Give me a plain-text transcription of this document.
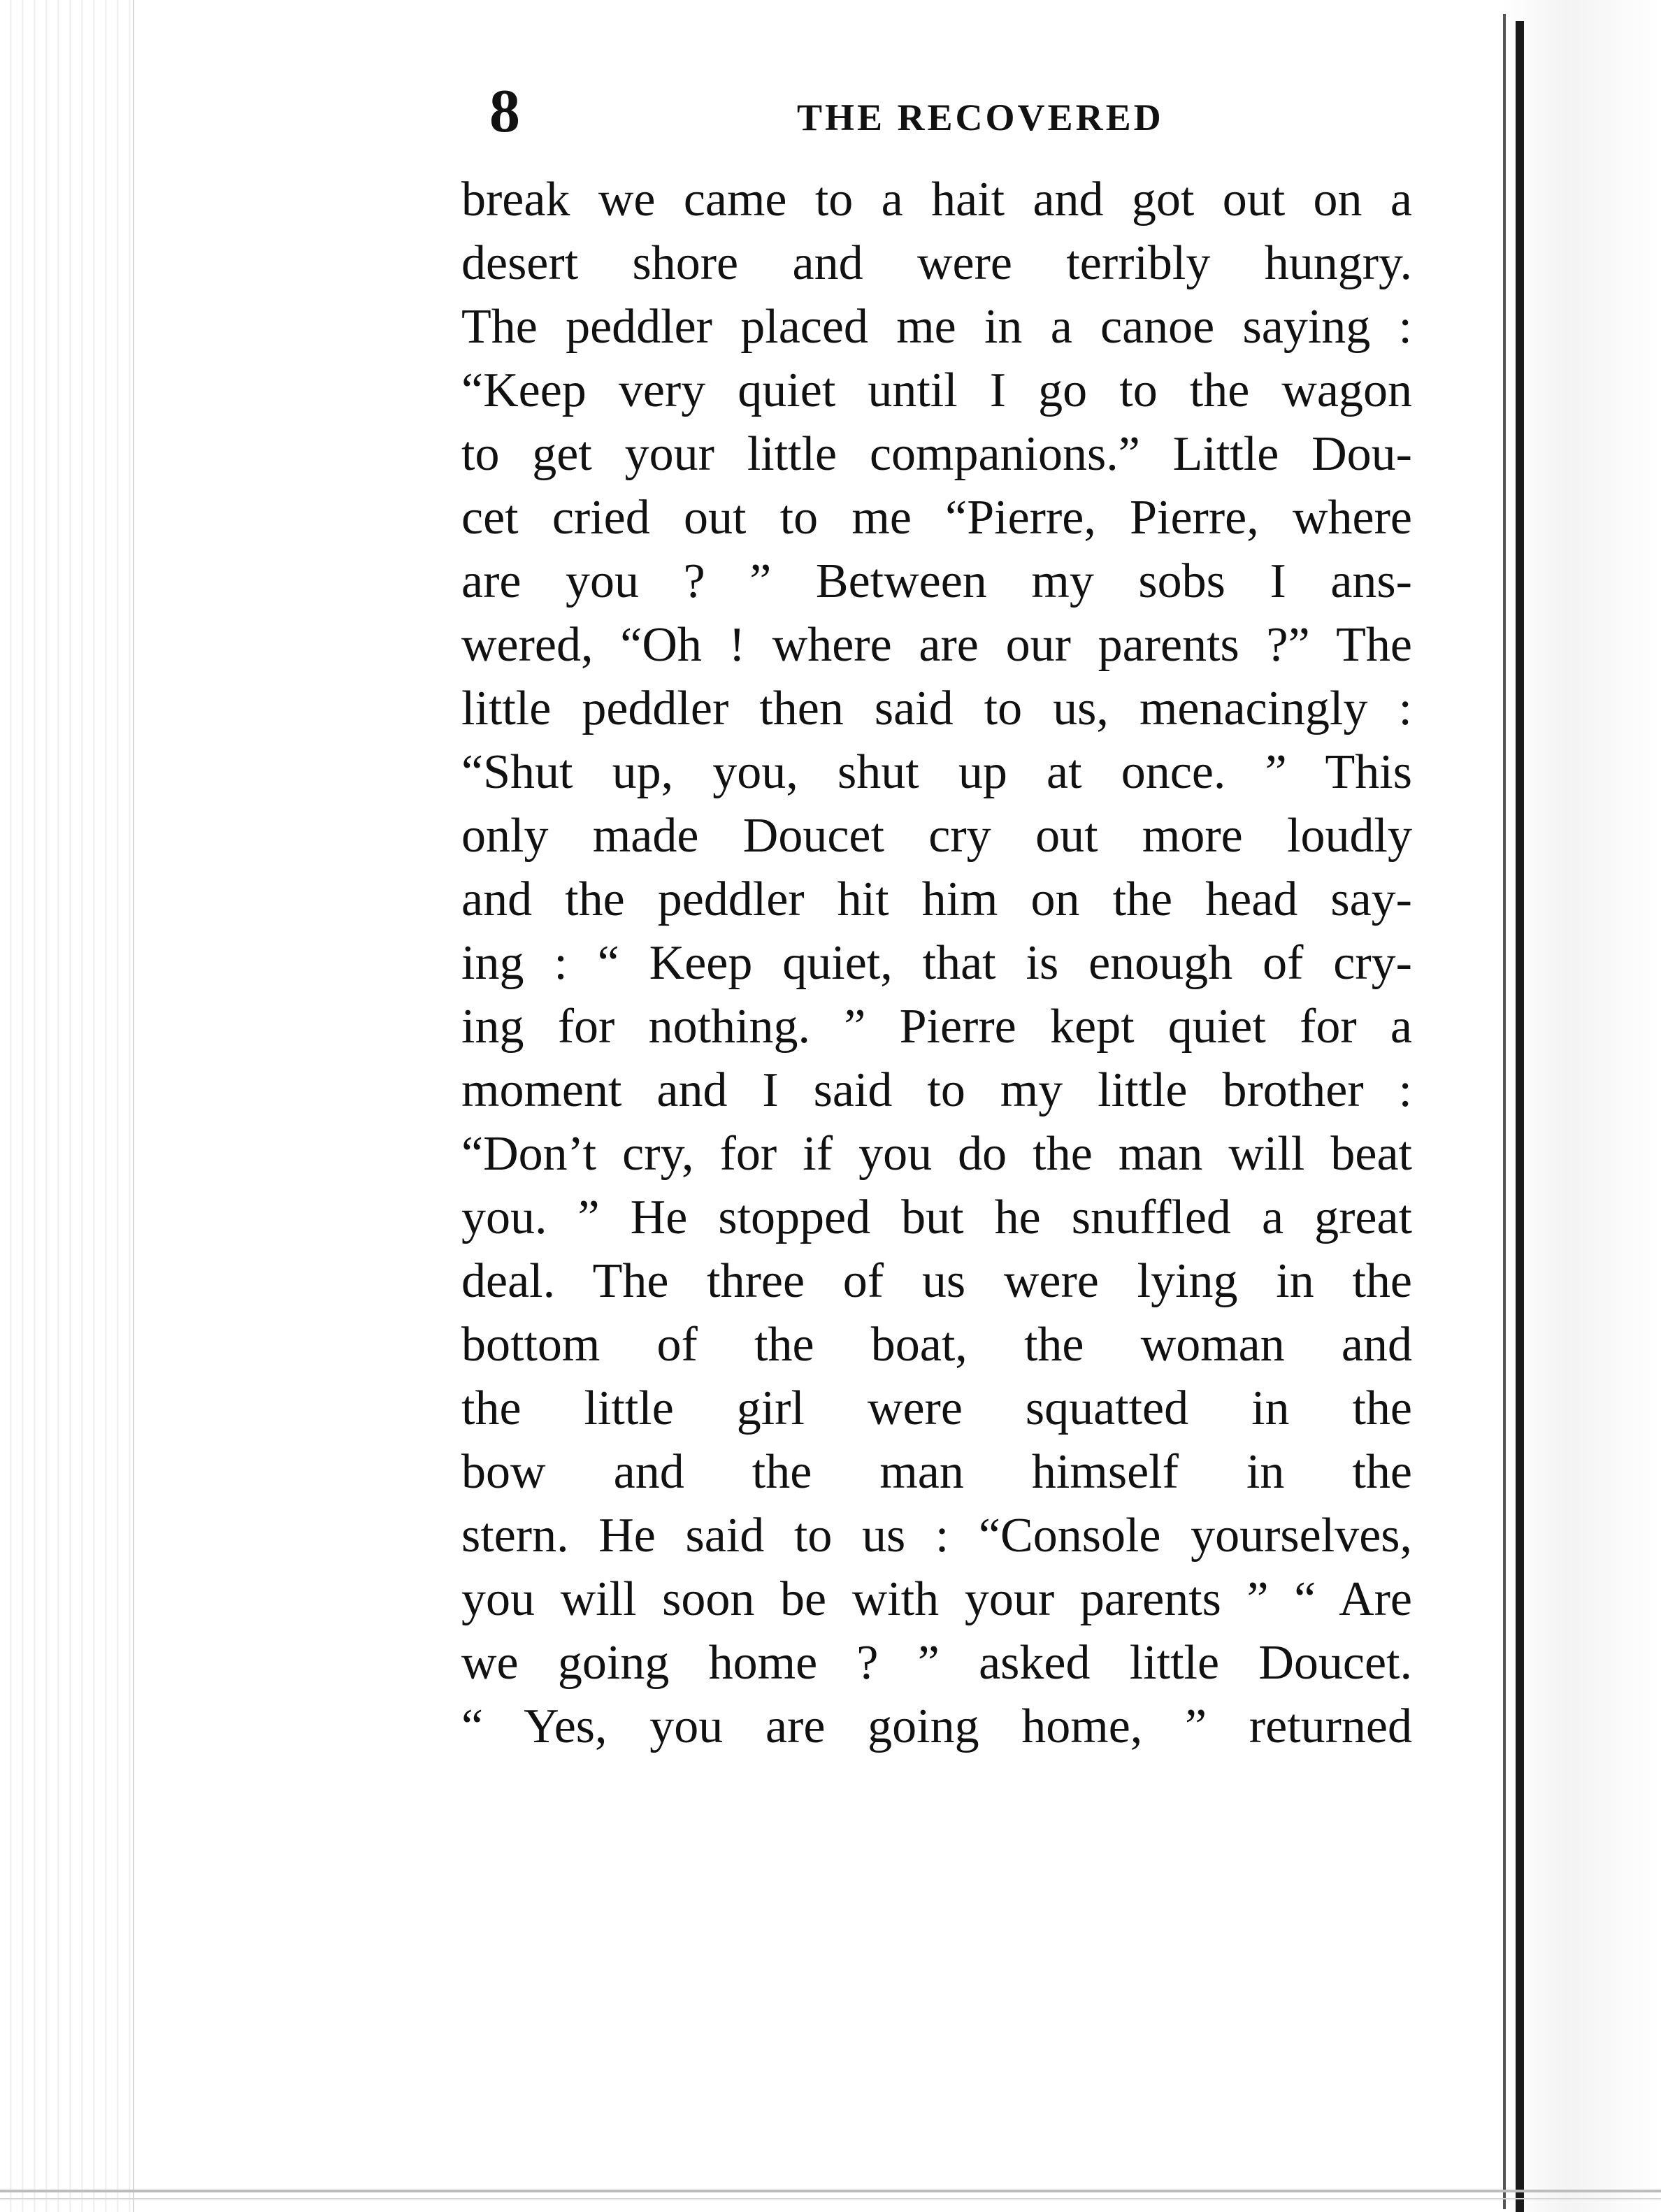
8	THE RECOVERED
break we came to a hait and got out on a
desert shore and were terribly hungry.
The peddler placed me in a canoe saying :
“Keep very quiet until I go to the wagon
to get your little companions.” Little Dou-
cet cried out to me “Pierre, Pierre, where
are you ? ” Between my sobs I ans-
wered, “Oh ! where are our parents ?” The
little peddler then said to us, menacingly :
“Shut up, you, shut up at once. ” This
only made Doucet cry out more loudly
and the peddler hit him on the head say-
ing : “ Keep quiet, that is enough of cry-
ing for nothing. ” Pierre kept quiet for a
moment and I said to my little brother :
“Don’t cry, for if you do the man will beat
you. ” He stopped but he snuffled a great
deal. The three of us were lying in the
bottom of the boat, the woman and
the little girl were squatted in the
bow and the man himself in the
stern. He said to us : “Console yourselves,
you will soon be with your parents ” “ Are
we going home ? ” asked little Doucet.
“ Yes, you are going home, ” returned
